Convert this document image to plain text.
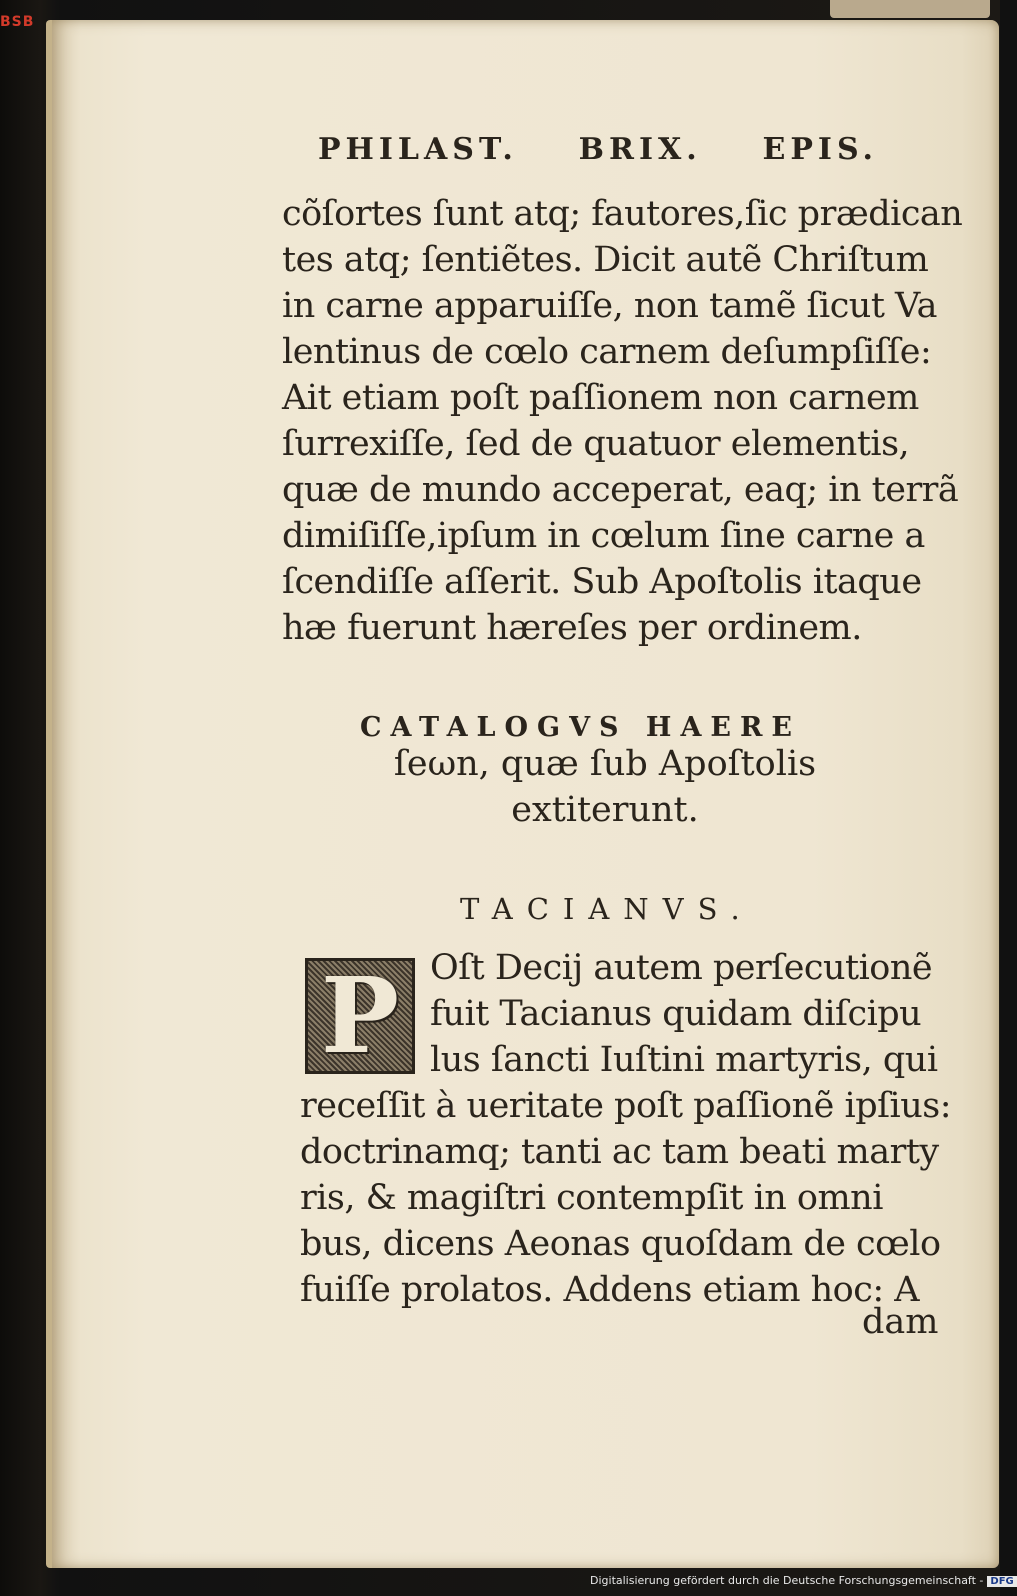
BSB
PHILAST. BRIX. EPIS.
cõſortes ſunt atq; fautores,ſic prædican
tes atq; ſentiẽtes. Dicit autẽ Chriſtum
in carne apparuiſſe, non tamẽ ſicut Va
lentinus de cœlo carnem deſumpſiſſe:
Ait etiam poſt paſſionem non carnem
ſurrexiſſe, ſed de quatuor elementis,
quæ de mundo acceperat, eaq; in terrã
dimiſiſſe,ipſum in cœlum ſine carne a
ſcendiſſe aſſerit. Sub Apoſtolis itaque
hæ fuerunt hæreſes per ordinem.
CATALOGVS HAERE
ſeωn, quæ ſub Apoſtolis
extiterunt.
TACIANVS.
P Oſt Decij autem perſecutionẽ
fuit Tacianus quidam diſcipu
lus ſancti Iuſtini martyris, qui
receſſit à ueritate poſt paſſionẽ ipſius:
doctrinamq; tanti ac tam beati marty
ris, & magiſtri contempſit in omni
bus, dicens Aeonas quoſdam de cœlo
fuiſſe prolatos. Addens etiam hoc: A
dam
Digitalisierung gefördert durch die Deutsche Forschungsgemeinschaft - DFG
